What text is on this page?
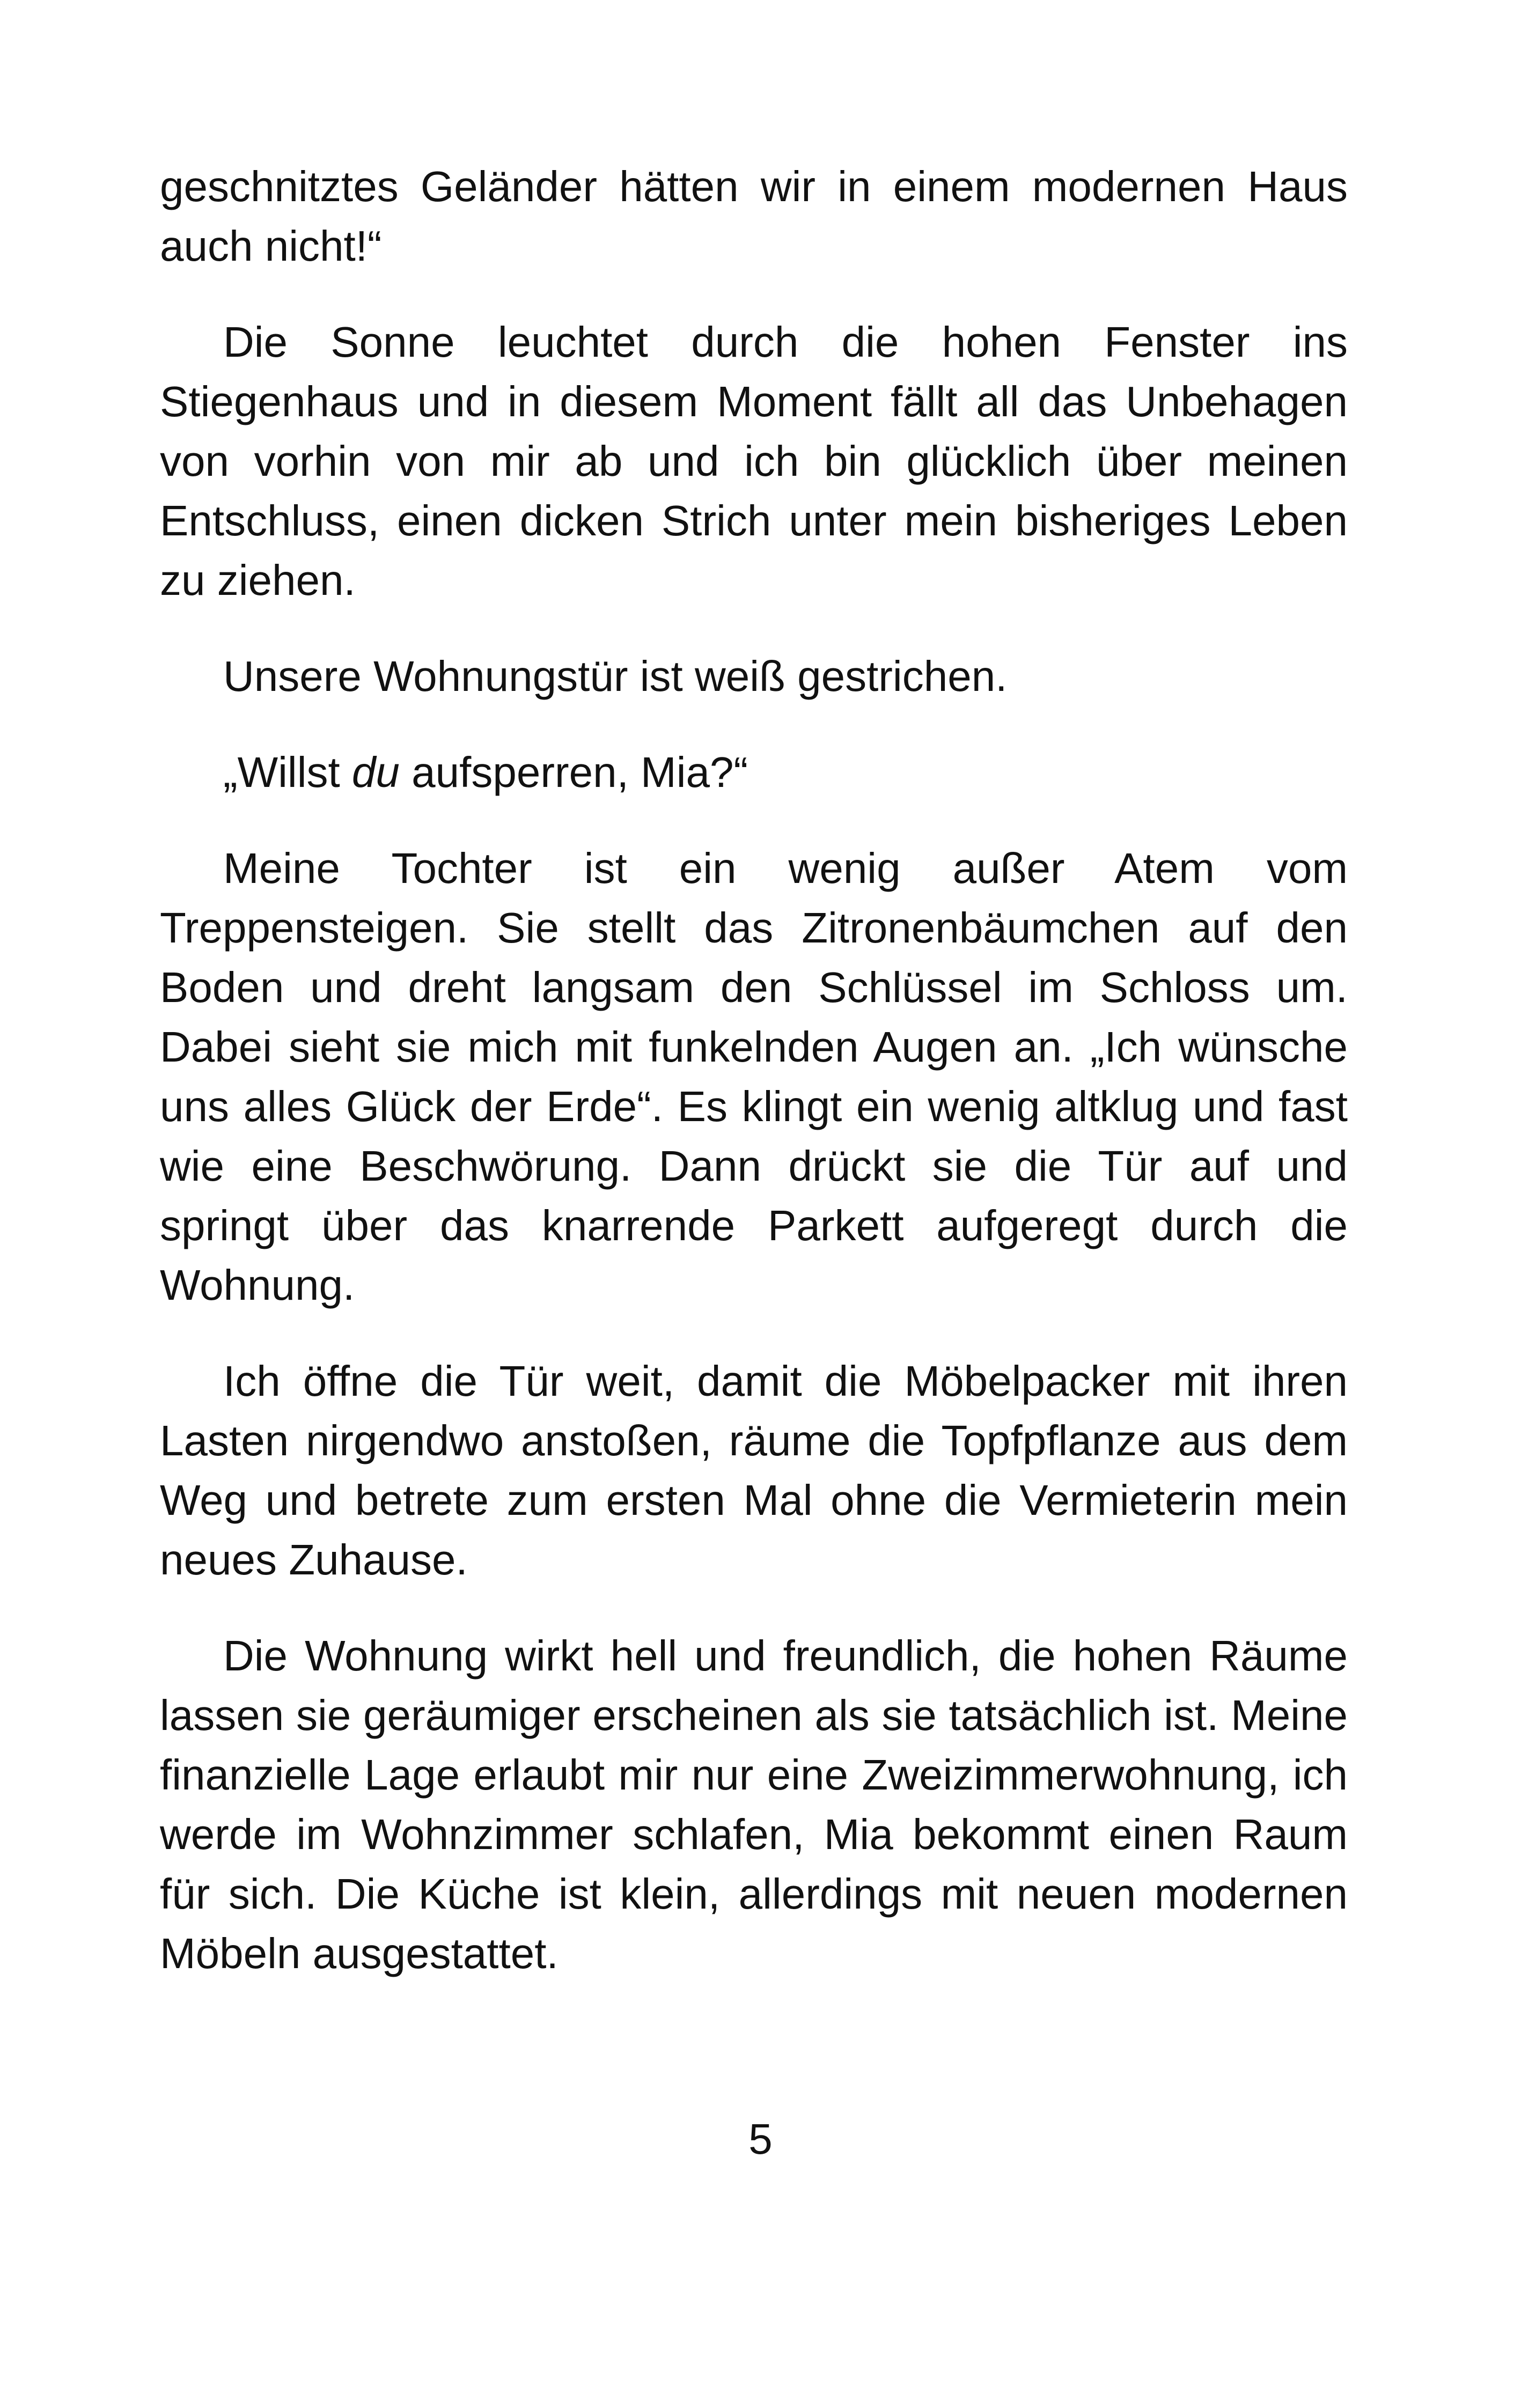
geschnitztes Geländer hätten wir in einem modernen Haus auch nicht!“

Die Sonne leuchtet durch die hohen Fenster ins Stiegenhaus und in diesem Moment fällt all das Unbehagen von vorhin von mir ab und ich bin glücklich über meinen Entschluss, einen dicken Strich unter mein bisheriges Leben zu ziehen.

Unsere Wohnungstür ist weiß gestrichen.

„Willst du aufsperren, Mia?“

Meine Tochter ist ein wenig außer Atem vom Treppensteigen. Sie stellt das Zitronenbäumchen auf den Boden und dreht langsam den Schlüssel im Schloss um. Dabei sieht sie mich mit funkelnden Augen an. „Ich wünsche uns alles Glück der Erde“. Es klingt ein wenig altklug und fast wie eine Beschwörung. Dann drückt sie die Tür auf und springt über das knarrende Parkett aufgeregt durch die Wohnung.

Ich öffne die Tür weit, damit die Möbelpacker mit ihren Lasten nirgendwo anstoßen, räume die Topfpflanze aus dem Weg und betrete zum ersten Mal ohne die Vermieterin mein neues Zuhause.

Die Wohnung wirkt hell und freundlich, die hohen Räume lassen sie geräumiger erscheinen als sie tatsächlich ist. Meine finanzielle Lage erlaubt mir nur eine Zweizimmerwohnung, ich werde im Wohnzimmer schlafen, Mia bekommt einen Raum für sich. Die Küche ist klein, allerdings mit neuen modernen Möbeln ausgestattet.

5
